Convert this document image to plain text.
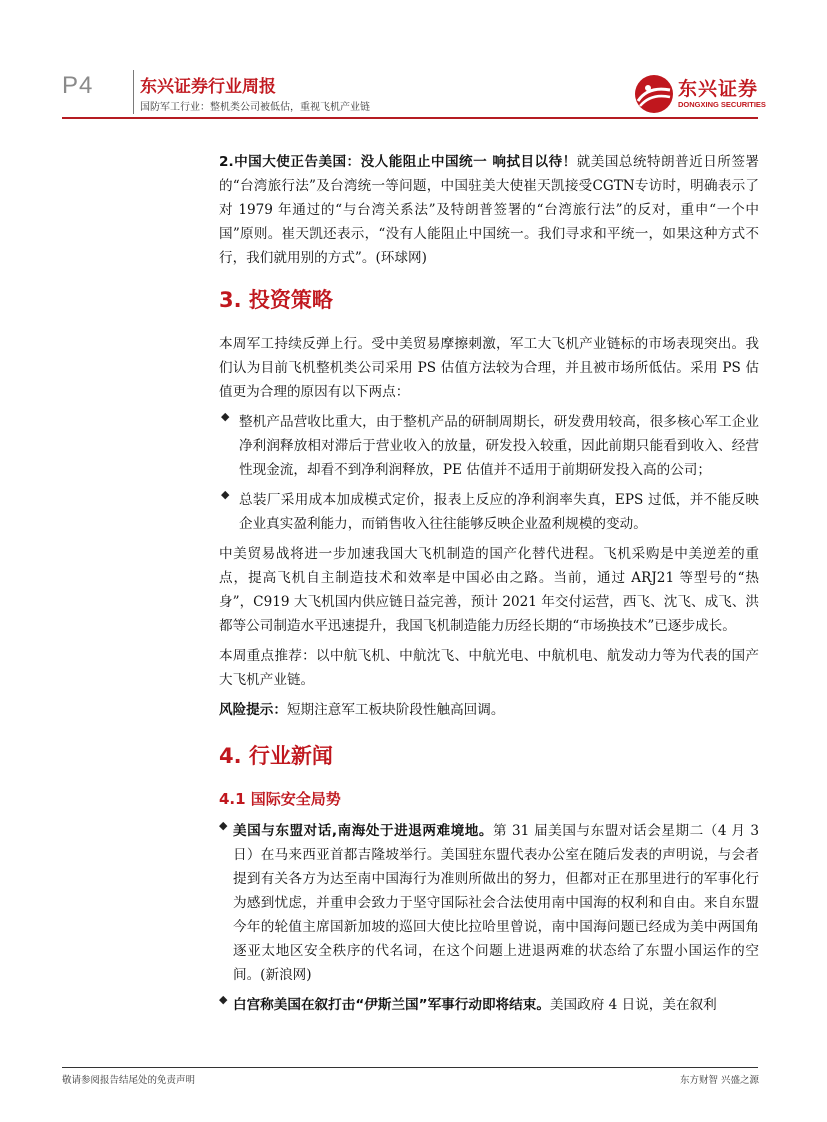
P4	东兴证券行业周报
国防军工行业：整机类公司被低估，重视飞机产业链
东兴证券
DONGXING SECURITIES

2.中国大使正告美国：没人能阻止中国统一 响拭目以待！就美国总统特朗普近日所签署的“台湾旅行法”及台湾统一等问题，中国驻美大使崔天凯接受CGTN专访时，明确表示了对 1979 年通过的“与台湾关系法”及特朗普签署的“台湾旅行法”的反对，重申“一个中国”原则。崔天凯还表示，“没有人能阻止中国统一。我们寻求和平统一，如果这种方式不行，我们就用别的方式”。(环球网)

3. 投资策略

本周军工持续反弹上行。受中美贸易摩擦刺激，军工大飞机产业链标的市场表现突出。我们认为目前飞机整机类公司采用 PS 估值方法较为合理，并且被市场所低估。采用 PS 估值更为合理的原因有以下两点：

◆ 整机产品营收比重大，由于整机产品的研制周期长，研发费用较高，很多核心军工企业净利润释放相对滞后于营业收入的放量，研发投入较重，因此前期只能看到收入、经营性现金流，却看不到净利润释放，PE 估值并不适用于前期研发投入高的公司；

◆ 总装厂采用成本加成模式定价，报表上反应的净利润率失真，EPS 过低，并不能反映企业真实盈利能力，而销售收入往往能够反映企业盈利规模的变动。

中美贸易战将进一步加速我国大飞机制造的国产化替代进程。飞机采购是中美逆差的重点，提高飞机自主制造技术和效率是中国必由之路。当前，通过 ARJ21 等型号的“热身”，C919 大飞机国内供应链日益完善，预计 2021 年交付运营，西飞、沈飞、成飞、洪都等公司制造水平迅速提升，我国飞机制造能力历经长期的“市场换技术”已逐步成长。

本周重点推荐：以中航飞机、中航沈飞、中航光电、中航机电、航发动力等为代表的国产大飞机产业链。

风险提示：短期注意军工板块阶段性触高回调。

4. 行业新闻
4.1 国际安全局势
◆ 美国与东盟对话,南海处于进退两难境地。第 31 届美国与东盟对话会星期二（4 月 3 日）在马来西亚首都吉隆坡举行。美国驻东盟代表办公室在随后发表的声明说，与会者提到有关各方为达至南中国海行为准则所做出的努力，但都对正在那里进行的军事化行为感到忧虑，并重申会致力于坚守国际社会合法使用南中国海的权利和自由。来自东盟今年的轮值主席国新加坡的巡回大使比拉哈里曾说，南中国海问题已经成为美中两国角逐亚太地区安全秩序的代名词，在这个问题上进退两难的状态给了东盟小国运作的空间。(新浪网)

◆ 白宫称美国在叙打击“伊斯兰国”军事行动即将结束。美国政府 4 日说，美在叙利

敬请参阅报告结尾处的免责声明	东方财智 兴盛之源
